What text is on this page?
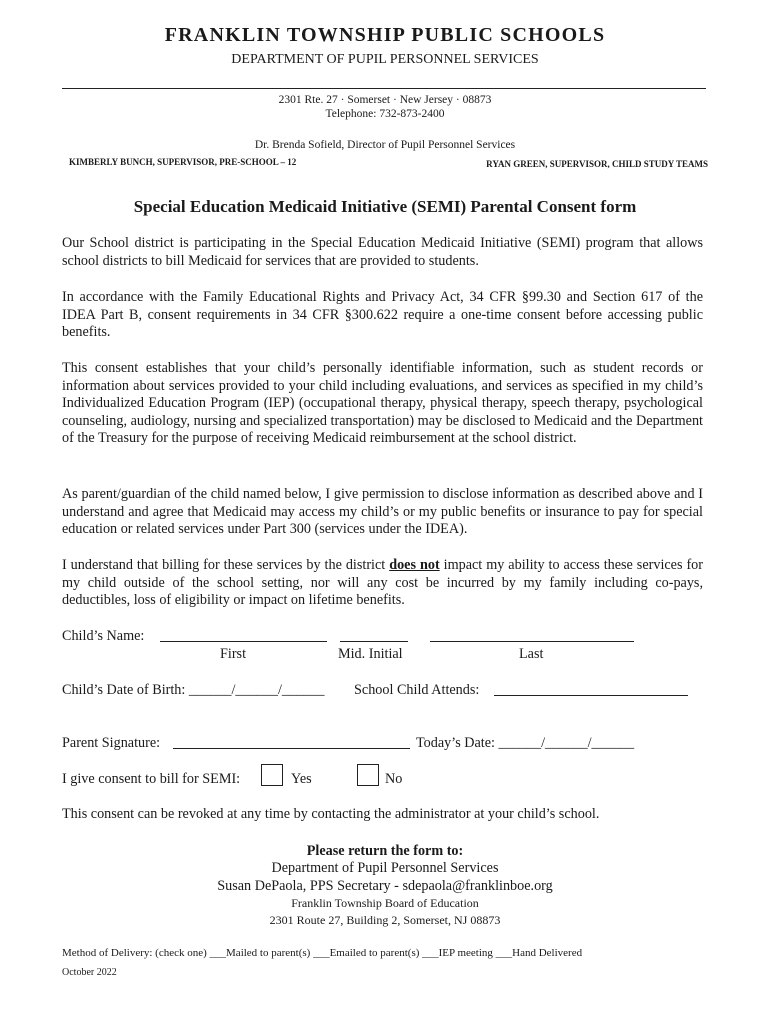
FRANKLIN TOWNSHIP PUBLIC SCHOOLS
DEPARTMENT OF PUPIL PERSONNEL SERVICES
2301 Rte. 27 · Somerset · New Jersey · 08873
Telephone: 732-873-2400
Dr. Brenda Sofield, Director of Pupil Personnel Services
KIMBERLY BUNCH, SUPERVISOR, PRE-SCHOOL – 12	RYAN GREEN, SUPERVISOR, CHILD STUDY TEAMS
Special Education Medicaid Initiative (SEMI) Parental Consent form

Our School district is participating in the Special Education Medicaid Initiative (SEMI) program that allows school districts to bill Medicaid for services that are provided to students.

In accordance with the Family Educational Rights and Privacy Act, 34 CFR §99.30 and Section 617 of the IDEA Part B, consent requirements in 34 CFR §300.622 require a one-time consent before accessing public benefits.

This consent establishes that your child’s personally identifiable information, such as student records or information about services provided to your child including evaluations, and services as specified in my child’s Individualized Education Program (IEP) (occupational therapy, physical therapy, speech therapy, psychological counseling, audiology, nursing and specialized transportation) may be disclosed to Medicaid and the Department of the Treasury for the purpose of receiving Medicaid reimbursement at the school district.

As parent/guardian of the child named below, I give permission to disclose information as described above and I understand and agree that Medicaid may access my child’s or my public benefits or insurance to pay for special education or related services under Part 300 (services under the IDEA).

I understand that billing for these services by the district does not impact my ability to access these services for my child outside of the school setting, nor will any cost be incurred by my family including co-pays, deductibles, loss of eligibility or impact on lifetime benefits.

Child’s Name:
First	Mid. Initial	Last
Child’s Date of Birth: ______/______/______ School Child Attends:
Parent Signature:	Today’s Date: ______/______/______
I give consent to bill for SEMI:	Yes	No
This consent can be revoked at any time by contacting the administrator at your child’s school.
Please return the form to:
Department of Pupil Personnel Services
Susan DePaola, PPS Secretary - sdepaola@franklinboe.org
Franklin Township Board of Education
2301 Route 27, Building 2, Somerset, NJ 08873
Method of Delivery: (check one) ___Mailed to parent(s) ___Emailed to parent(s) ___IEP meeting ___Hand Delivered
October 2022
